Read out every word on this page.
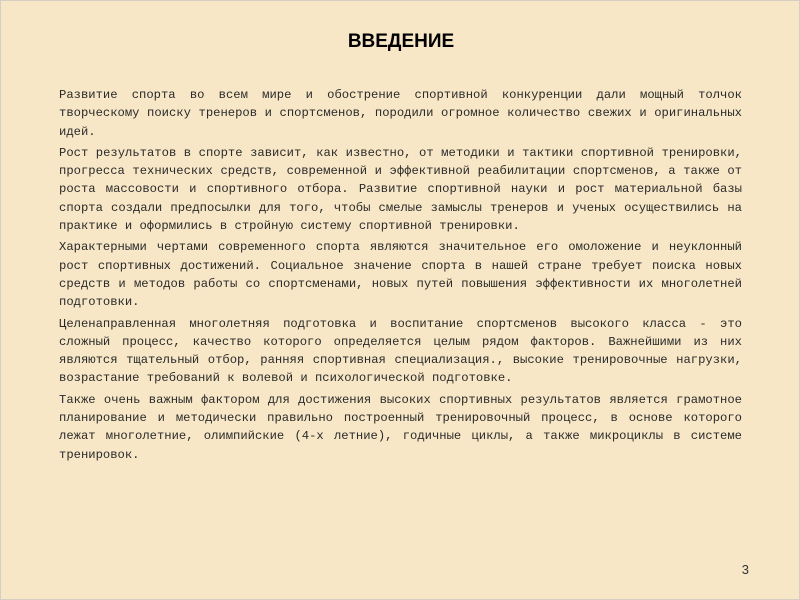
ВВЕДЕНИЕ

Развитие спорта во всем мире и обострение спортивной конкуренции дали мощный толчок творческому поиску тренеров и спортсменов, породили огромное количество свежих и оригинальных идей.

Рост результатов в спорте зависит, как известно, от методики и тактики спортивной тренировки, прогресса технических средств, современной и эффективной реабилитации спортсменов, а также от роста массовости и спортивного отбора. Развитие спортивной науки и рост материальной базы спорта создали предпосылки для того, чтобы смелые замыслы тренеров и ученых осуществились на практике и оформились в стройную систему спортивной тренировки.

Характерными чертами современного спорта являются значительное его омоложение и неуклонный рост спортивных достижений. Социальное значение спорта в нашей стране требует поиска новых средств и методов работы со спортсменами, новых путей повышения эффективности их многолетней подготовки.

Целенаправленная многолетняя подготовка и воспитание спортсменов высокого класса - это сложный процесс, качество которого определяется целым рядом факторов. Важнейшими из них являются тщательный отбор, ранняя спортивная специализация., высокие тренировочные нагрузки, возрастание требований к волевой и психологической подготовке.

Также очень важным фактором для достижения высоких спортивных результатов является грамотное планирование и методически правильно построенный тренировочный процесс, в основе которого лежат многолетние, олимпийские (4-х летние), годичные циклы, а также микроциклы в системе тренировок.

3
